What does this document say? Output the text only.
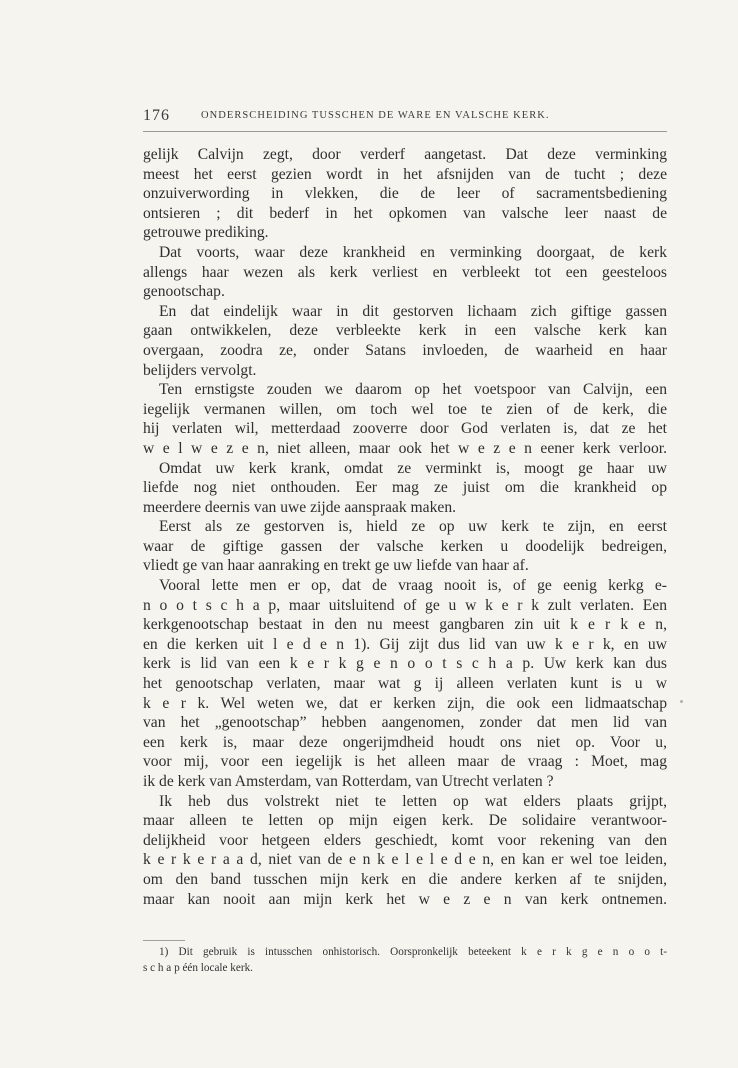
176	ONDERSCHEIDING TUSSCHEN DE WARE EN VALSCHE KERK.
gelijk Calvijn zegt, door verderf aangetast. Dat deze verminking
meest het eerst gezien wordt in het afsnijden van de tucht ; deze
onzuiverwording in vlekken, die de leer of sacramentsbediening
ontsieren ; dit bederf in het opkomen van valsche leer naast de
getrouwe prediking.
Dat voorts, waar deze krankheid en verminking doorgaat, de kerk
allengs haar wezen als kerk verliest en verbleekt tot een geesteloos
genootschap.
En dat eindelijk waar in dit gestorven lichaam zich giftige gassen
gaan ontwikkelen, deze verbleekte kerk in een valsche kerk kan
overgaan, zoodra ze, onder Satans invloeden, de waarheid en haar
belijders vervolgt.
Ten ernstigste zouden we daarom op het voetspoor van Calvijn, een
iegelijk vermanen willen, om toch wel toe te zien of de kerk, die
hij verlaten wil, metterdaad zooverre door God verlaten is, dat ze het
w e l w e z e n, niet alleen, maar ook het w e z e n eener kerk verloor.
Omdat uw kerk krank, omdat ze verminkt is, moogt ge haar uw
liefde nog niet onthouden. Eer mag ze juist om die krankheid op
meerdere deernis van uwe zijde aanspraak maken.
Eerst als ze gestorven is, hield ze op uw kerk te zijn, en eerst
waar de giftige gassen der valsche kerken u doodelijk bedreigen,
vliedt ge van haar aanraking en trekt ge uw liefde van haar af.
Vooral lette men er op, dat de vraag nooit is, of ge eenig kerkg e-
n o o t s c h a p, maar uitsluitend of ge u w k e r k zult verlaten. Een
kerkgenootschap bestaat in den nu meest gangbaren zin uit k e r k e n,
en die kerken uit l e d e n 1). Gij zijt dus lid van uw k e r k, en uw
kerk is lid van een k e r k g e n o o t s c h a p. Uw kerk kan dus
het genootschap verlaten, maar wat g ij alleen verlaten kunt is u w
k e r k. Wel weten we, dat er kerken zijn, die ook een lidmaatschap
van het „genootschap” hebben aangenomen, zonder dat men lid van
een kerk is, maar deze ongerijmdheid houdt ons niet op. Voor u,
voor mij, voor een iegelijk is het alleen maar de vraag : Moet, mag
ik de kerk van Amsterdam, van Rotterdam, van Utrecht verlaten ?
Ik heb dus volstrekt niet te letten op wat elders plaats grijpt,
maar alleen te letten op mijn eigen kerk. De solidaire verantwoor-
delijkheid voor hetgeen elders geschiedt, komt voor rekening van den
k e r k e r a a d, niet van de e n k e l e l e d e n, en kan er wel toe leiden,
om den band tusschen mijn kerk en die andere kerken af te snijden,
maar kan nooit aan mijn kerk het w e z e n van kerk ontnemen.
1) Dit gebruik is intusschen onhistorisch. Oorspronkelijk beteekent k e r k g e n o o t-
s c h a p één locale kerk.
